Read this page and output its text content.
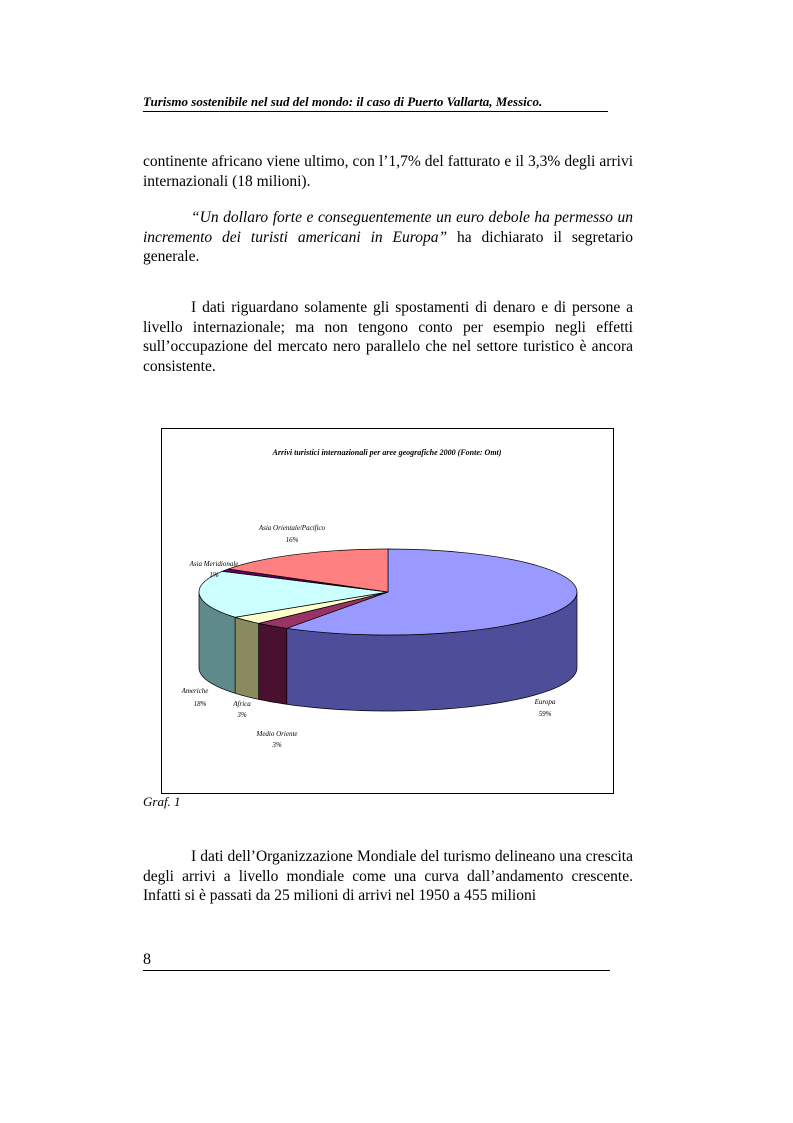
Turismo sostenibile nel sud del mondo: il caso di Puerto Vallarta, Messico.

continente africano viene ultimo, con l’1,7% del fatturato e il 3,3% degli arrivi internazionali (18 milioni).

“Un dollaro forte e conseguentemente un euro debole ha permesso un incremento dei turisti americani in Europa” ha dichiarato il segretario generale.

I dati riguardano solamente gli spostamenti di denaro e di persone a livello internazionale; ma non tengono conto per esempio negli effetti sull’occupazione del mercato nero parallelo che nel settore turistico è ancora consistente.

Arrivi turistici internazionali per aree geografiche 2000 (Fonte: Omt)
Asia Orientale/Pacifico
16%
Asia Meridionale
1%
Americhe
18%	Africa
3%
Medio Oriente
3%
Europa
59%
Graf. 1

I dati dell’Organizzazione Mondiale del turismo delineano una crescita degli arrivi a livello mondiale come una curva dall’andamento crescente. Infatti si è passati da 25 milioni di arrivi nel 1950 a 455 milioni

8
